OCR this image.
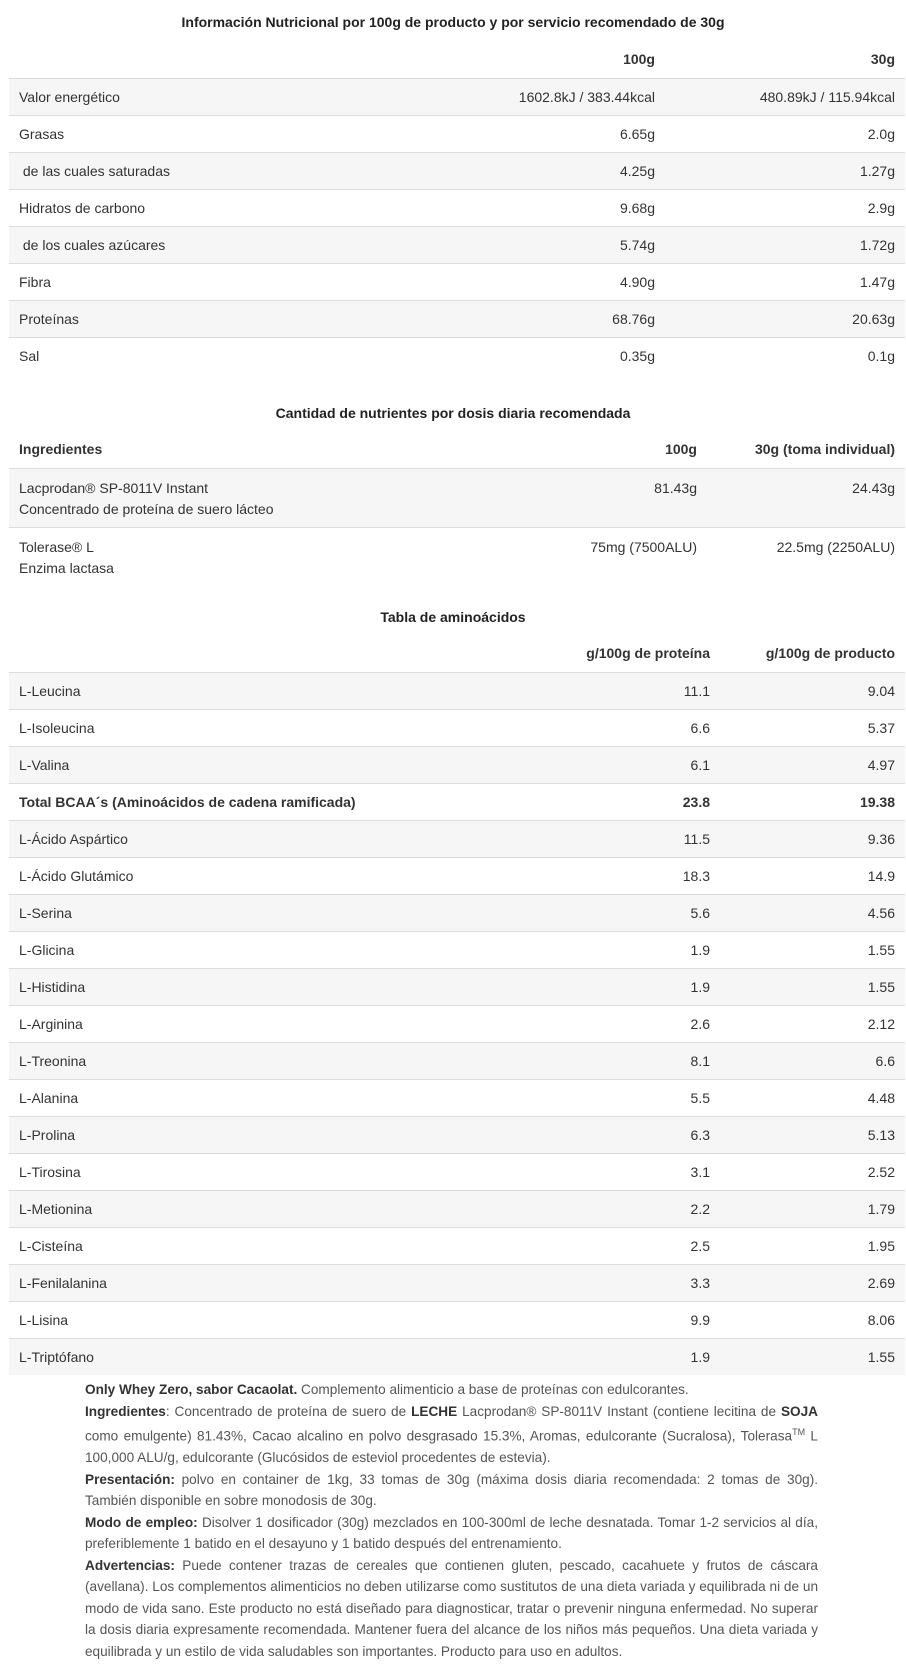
Información Nutricional por 100g de producto y por servicio recomendado de 30g
	100g	30g
Valor energético	1602.8kJ / 383.44kcal	480.89kJ / 115.94kcal
Grasas	6.65g	2.0g
de las cuales saturadas	4.25g	1.27g
Hidratos de carbono	9.68g	2.9g
de los cuales azúcares	5.74g	1.72g
Fibra	4.90g	1.47g
Proteínas	68.76g	20.63g
Sal	0.35g	0.1g
Cantidad de nutrientes por dosis diaria recomendada
Ingredientes	100g	30g (toma individual)

Lacprodan® SP-8011V Instant
Concentrado de proteína de suero lácteo	81.43g	24.43g

Tolerase® L
Enzima lactasa	75mg (7500ALU)	22.5mg (2250ALU)
Tabla de aminoácidos
	g/100g de proteína	g/100g de producto
L-Leucina	11.1	9.04
L-Isoleucina	6.6	5.37
L-Valina	6.1	4.97
Total BCAA´s (Aminoácidos de cadena ramificada)	23.8	19.38
L-Ácido Aspártico	11.5	9.36
L-Ácido Glutámico	18.3	14.9
L-Serina	5.6	4.56
L-Glicina	1.9	1.55
L-Histidina	1.9	1.55
L-Arginina	2.6	2.12
L-Treonina	8.1	6.6
L-Alanina	5.5	4.48
L-Prolina	6.3	5.13
L-Tirosina	3.1	2.52
L-Metionina	2.2	1.79
L-Cisteína	2.5	1.95
L-Fenilalanina	3.3	2.69
L-Lisina	9.9	8.06
L-Triptófano	1.9	1.55

Only Whey Zero, sabor Cacaolat. Complemento alimenticio a base de proteínas con edulcorantes.

Ingredientes: Concentrado de proteína de suero de LECHE Lacprodan® SP-8011V Instant (contiene lecitina de SOJA como emulgente) 81.43%, Cacao alcalino en polvo desgrasado 15.3%, Aromas, edulcorante (Sucralosa), Tolerasa™ L 100,000 ALU/g, edulcorante (Glucósidos de esteviol procedentes de estevia).

Presentación: polvo en container de 1kg, 33 tomas de 30g (máxima dosis diaria recomendada: 2 tomas de 30g). También disponible en sobre monodosis de 30g.

Modo de empleo: Disolver 1 dosificador (30g) mezclados en 100-300ml de leche desnatada. Tomar 1-2 servicios al día, preferiblemente 1 batido en el desayuno y 1 batido después del entrenamiento.

Advertencias: Puede contener trazas de cereales que contienen gluten, pescado, cacahuete y frutos de cáscara (avellana). Los complementos alimenticios no deben utilizarse como sustitutos de una dieta variada y equilibrada ni de un modo de vida sano. Este producto no está diseñado para diagnosticar, tratar o prevenir ninguna enfermedad. No superar la dosis diaria expresamente recomendada. Mantener fuera del alcance de los niños más pequeños. Una dieta variada y equilibrada y un estilo de vida saludables son importantes. Producto para uso en adultos.
